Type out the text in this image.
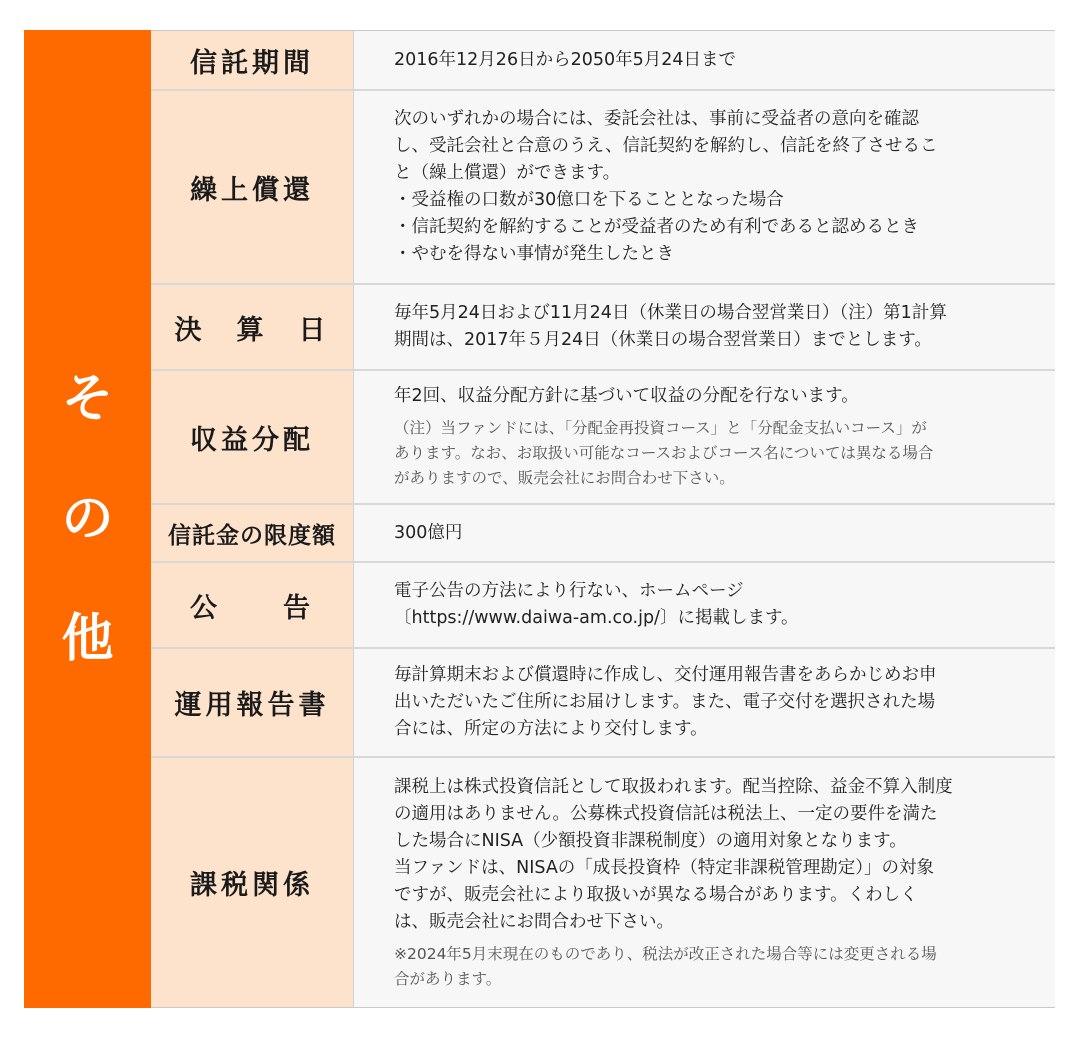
そ
の
他
信託期間	2016年12月26日から2050年5月24日まで
繰上償還
次のいずれかの場合には、委託会社は、事前に受益者の意向を確認
し、受託会社と合意のうえ、信託契約を解約し、信託を終了させるこ
と（繰上償還）ができます。
・受益権の口数が30億口を下ることとなった場合
・信託契約を解約することが受益者のため有利であると認めるとき
・やむを得ない事情が発生したとき
決　算　日
毎年5月24日および11月24日（休業日の場合翌営業日）（注）第1計算
期間は、2017年５月24日（休業日の場合翌営業日）までとします。
収益分配
年2回、収益分配方針に基づいて収益の分配を行ないます。
（注）当ファンドには、「分配金再投資コース」と「分配金支払いコース」が
あります。なお、お取扱い可能なコースおよびコース名については異なる場合
がありますので、販売会社にお問合わせ下さい。
信託金の限度額	300億円
公　　告
電子公告の方法により行ない、ホームページ
〔https://www.daiwa-am.co.jp/〕に掲載します。
運用報告書
毎計算期末および償還時に作成し、交付運用報告書をあらかじめお申
出いただいたご住所にお届けします。また、電子交付を選択された場
合には、所定の方法により交付します。
課税関係
課税上は株式投資信託として取扱われます。配当控除、益金不算入制度
の適用はありません。公募株式投資信託は税法上、一定の要件を満た
した場合にNISA（少額投資非課税制度）の適用対象となります。
当ファンドは、NISAの「成長投資枠（特定非課税管理勘定）」の対象
ですが、販売会社により取扱いが異なる場合があります。くわしく
は、販売会社にお問合わせ下さい。
※2024年5月末現在のものであり、税法が改正された場合等には変更される場
合があります。
